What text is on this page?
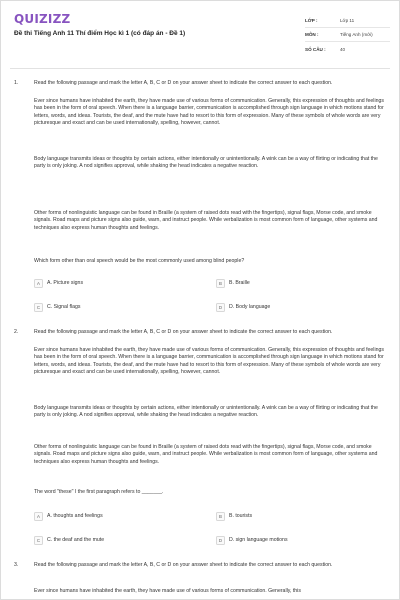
QUIZIZZ
Đề thi Tiếng Anh 11 Thí điểm Học kì 1 (có đáp án - Đề 1)
LỚP :	Lớp 11
MÔN :	Tiếng Anh (mới)
SỐ CÂU :	40
1.	Read the following passage and mark the letter A, B, C or D on your answer sheet to indicate the correct answer to each question.
Ever since humans have inhabited the earth, they have made use of various forms of communication. Generally, this expression of thoughts and feelings has been in the form of oral speech. When there is a language barrier, communication is accomplished through sign language in which motions stand for letters, words, and ideas. Tourists, the deaf, and the mute have had to resort to this form of expression. Many of these symbols of whole words are very picturesque and exact and can be used internationally, spelling, however, cannot.
Body language transmits ideas or thoughts by certain actions, either intentionally or unintentionally. A wink can be a way of flirting or indicating that the party is only joking. A nod signifies approval, while shaking the head indicates a negative reaction.
Other forms of nonlinguistic language can be found in Braille (a system of raised dots read with the fingertips), signal flags, Morse code, and smoke signals. Road maps and picture signs also guide, warn, and instruct people. While verbalization is most common form of language, other systems and techniques also express human thoughts and feelings.
Which form other than oral speech would be the most commonly used among blind people?
A	A. Picture signs	B	B. Braille
C	C. Signal flags	D	D. Body language
2.	Read the following passage and mark the letter A, B, C or D on your answer sheet to indicate the correct answer to each question.
Ever since humans have inhabited the earth, they have made use of various forms of communication. Generally, this expression of thoughts and feelings has been in the form of oral speech. When there is a language barrier, communication is accomplished through sign language in which motions stand for letters, words, and ideas. Tourists, the deaf, and the mute have had to resort to this form of expression. Many of these symbols of whole words are very picturesque and exact and can be used internationally, spelling, however, cannot.
Body language transmits ideas or thoughts by certain actions, either intentionally or unintentionally. A wink can be a way of flirting or indicating that the party is only joking. A nod signifies approval, while shaking the head indicates a negative reaction.
Other forms of nonlinguistic language can be found in Braille (a system of raised dots read with the fingertips), signal flags, Morse code, and smoke signals. Road maps and picture signs also guide, warn, and instruct people. While verbalization is most common form of language, other systems and techniques also express human thoughts and feelings.
The word "these" I the first paragraph refers to _______.
A	A. thoughts and feelings	B	B. tourists
C	C. the deaf and the mute	D	D. sign language motions
3.	Read the following passage and mark the letter A, B, C or D on your answer sheet to indicate the correct answer to each question.
Ever since humans have inhabited the earth, they have made use of various forms of communication. Generally, this
